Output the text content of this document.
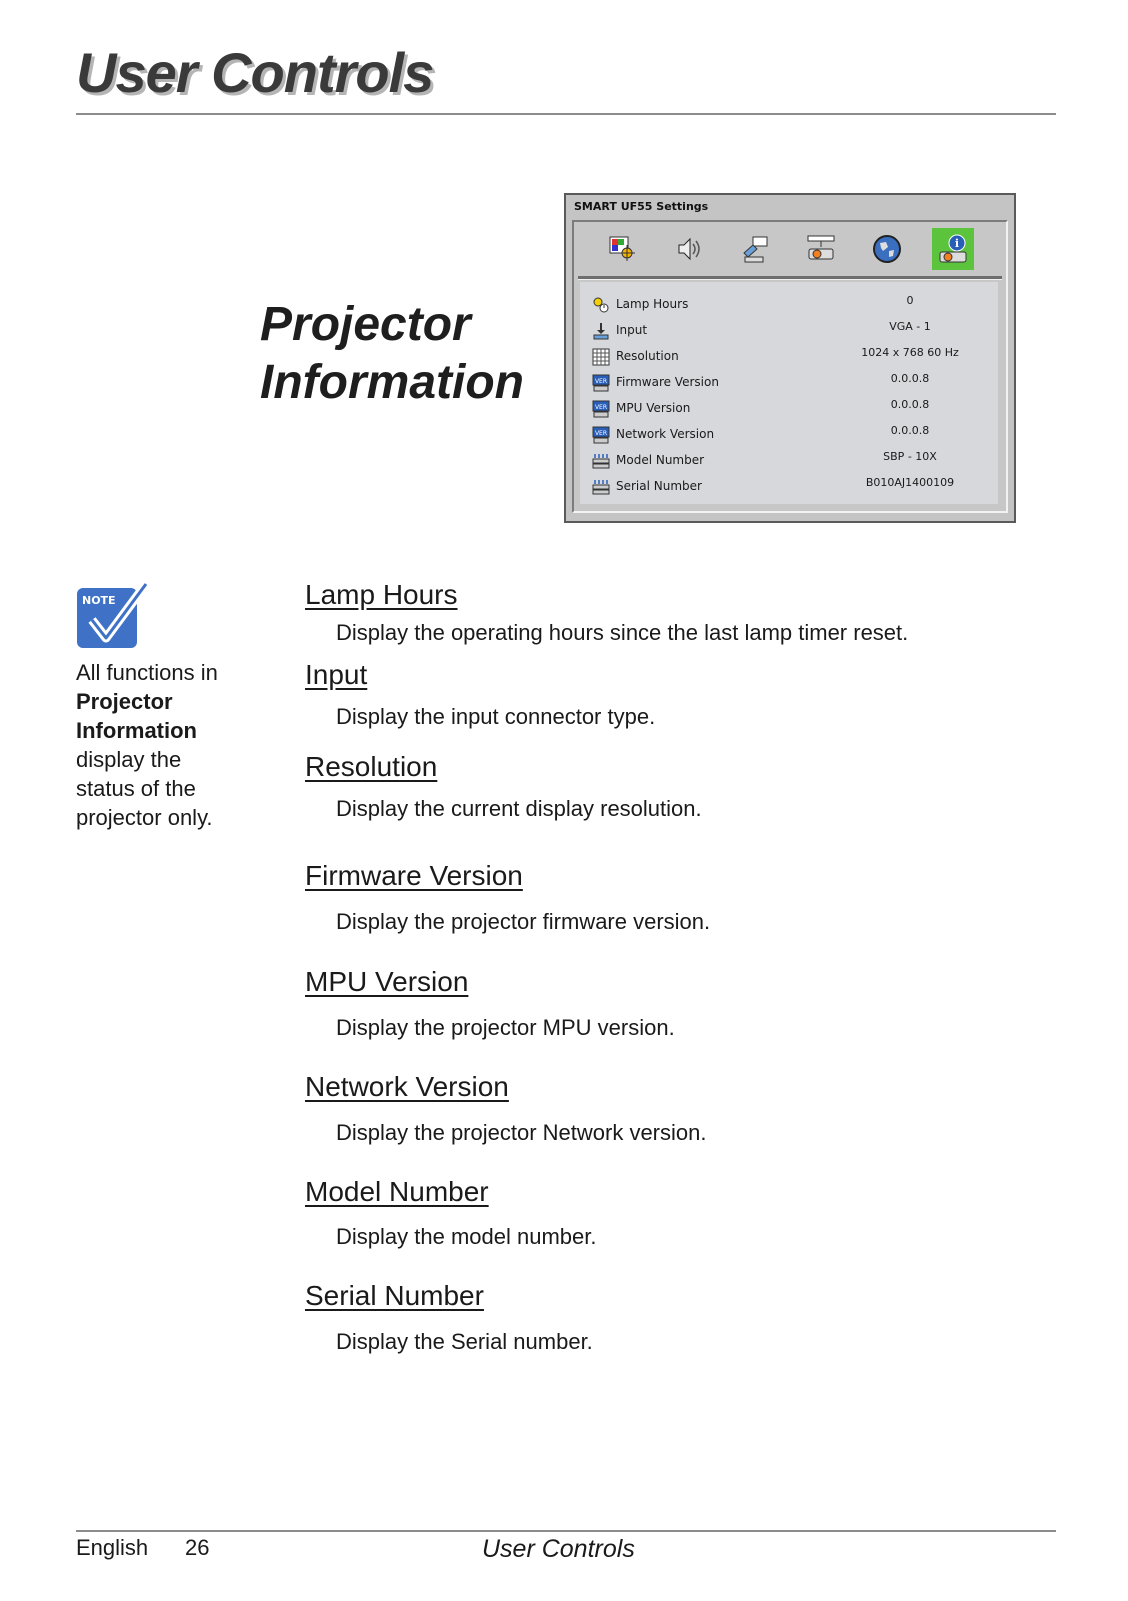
User Controls
Projector
Information
SMART UF55 Settings
i
Lamp Hours	0
Input	VGA - 1
Resolution	1024 x 768 60 Hz
VER Firmware Version	0.0.0.8
VER MPU Version	0.0.0.8
VER Network Version	0.0.0.8
Model Number	SBP - 10X
Serial Number	B010AJ1400109
NOTE
All functions in
Projector
Information
display the
status of the
projector only.
Lamp Hours
Display the operating hours since the last lamp timer reset.
Input
Display the input connector type.
Resolution
Display the current display resolution.
Firmware Version
Display the projector firmware version.
MPU Version
Display the projector MPU version.
Network Version
Display the projector Network version.
Model Number
Display the model number.
Serial Number
Display the Serial number.
English 26	User Controls
